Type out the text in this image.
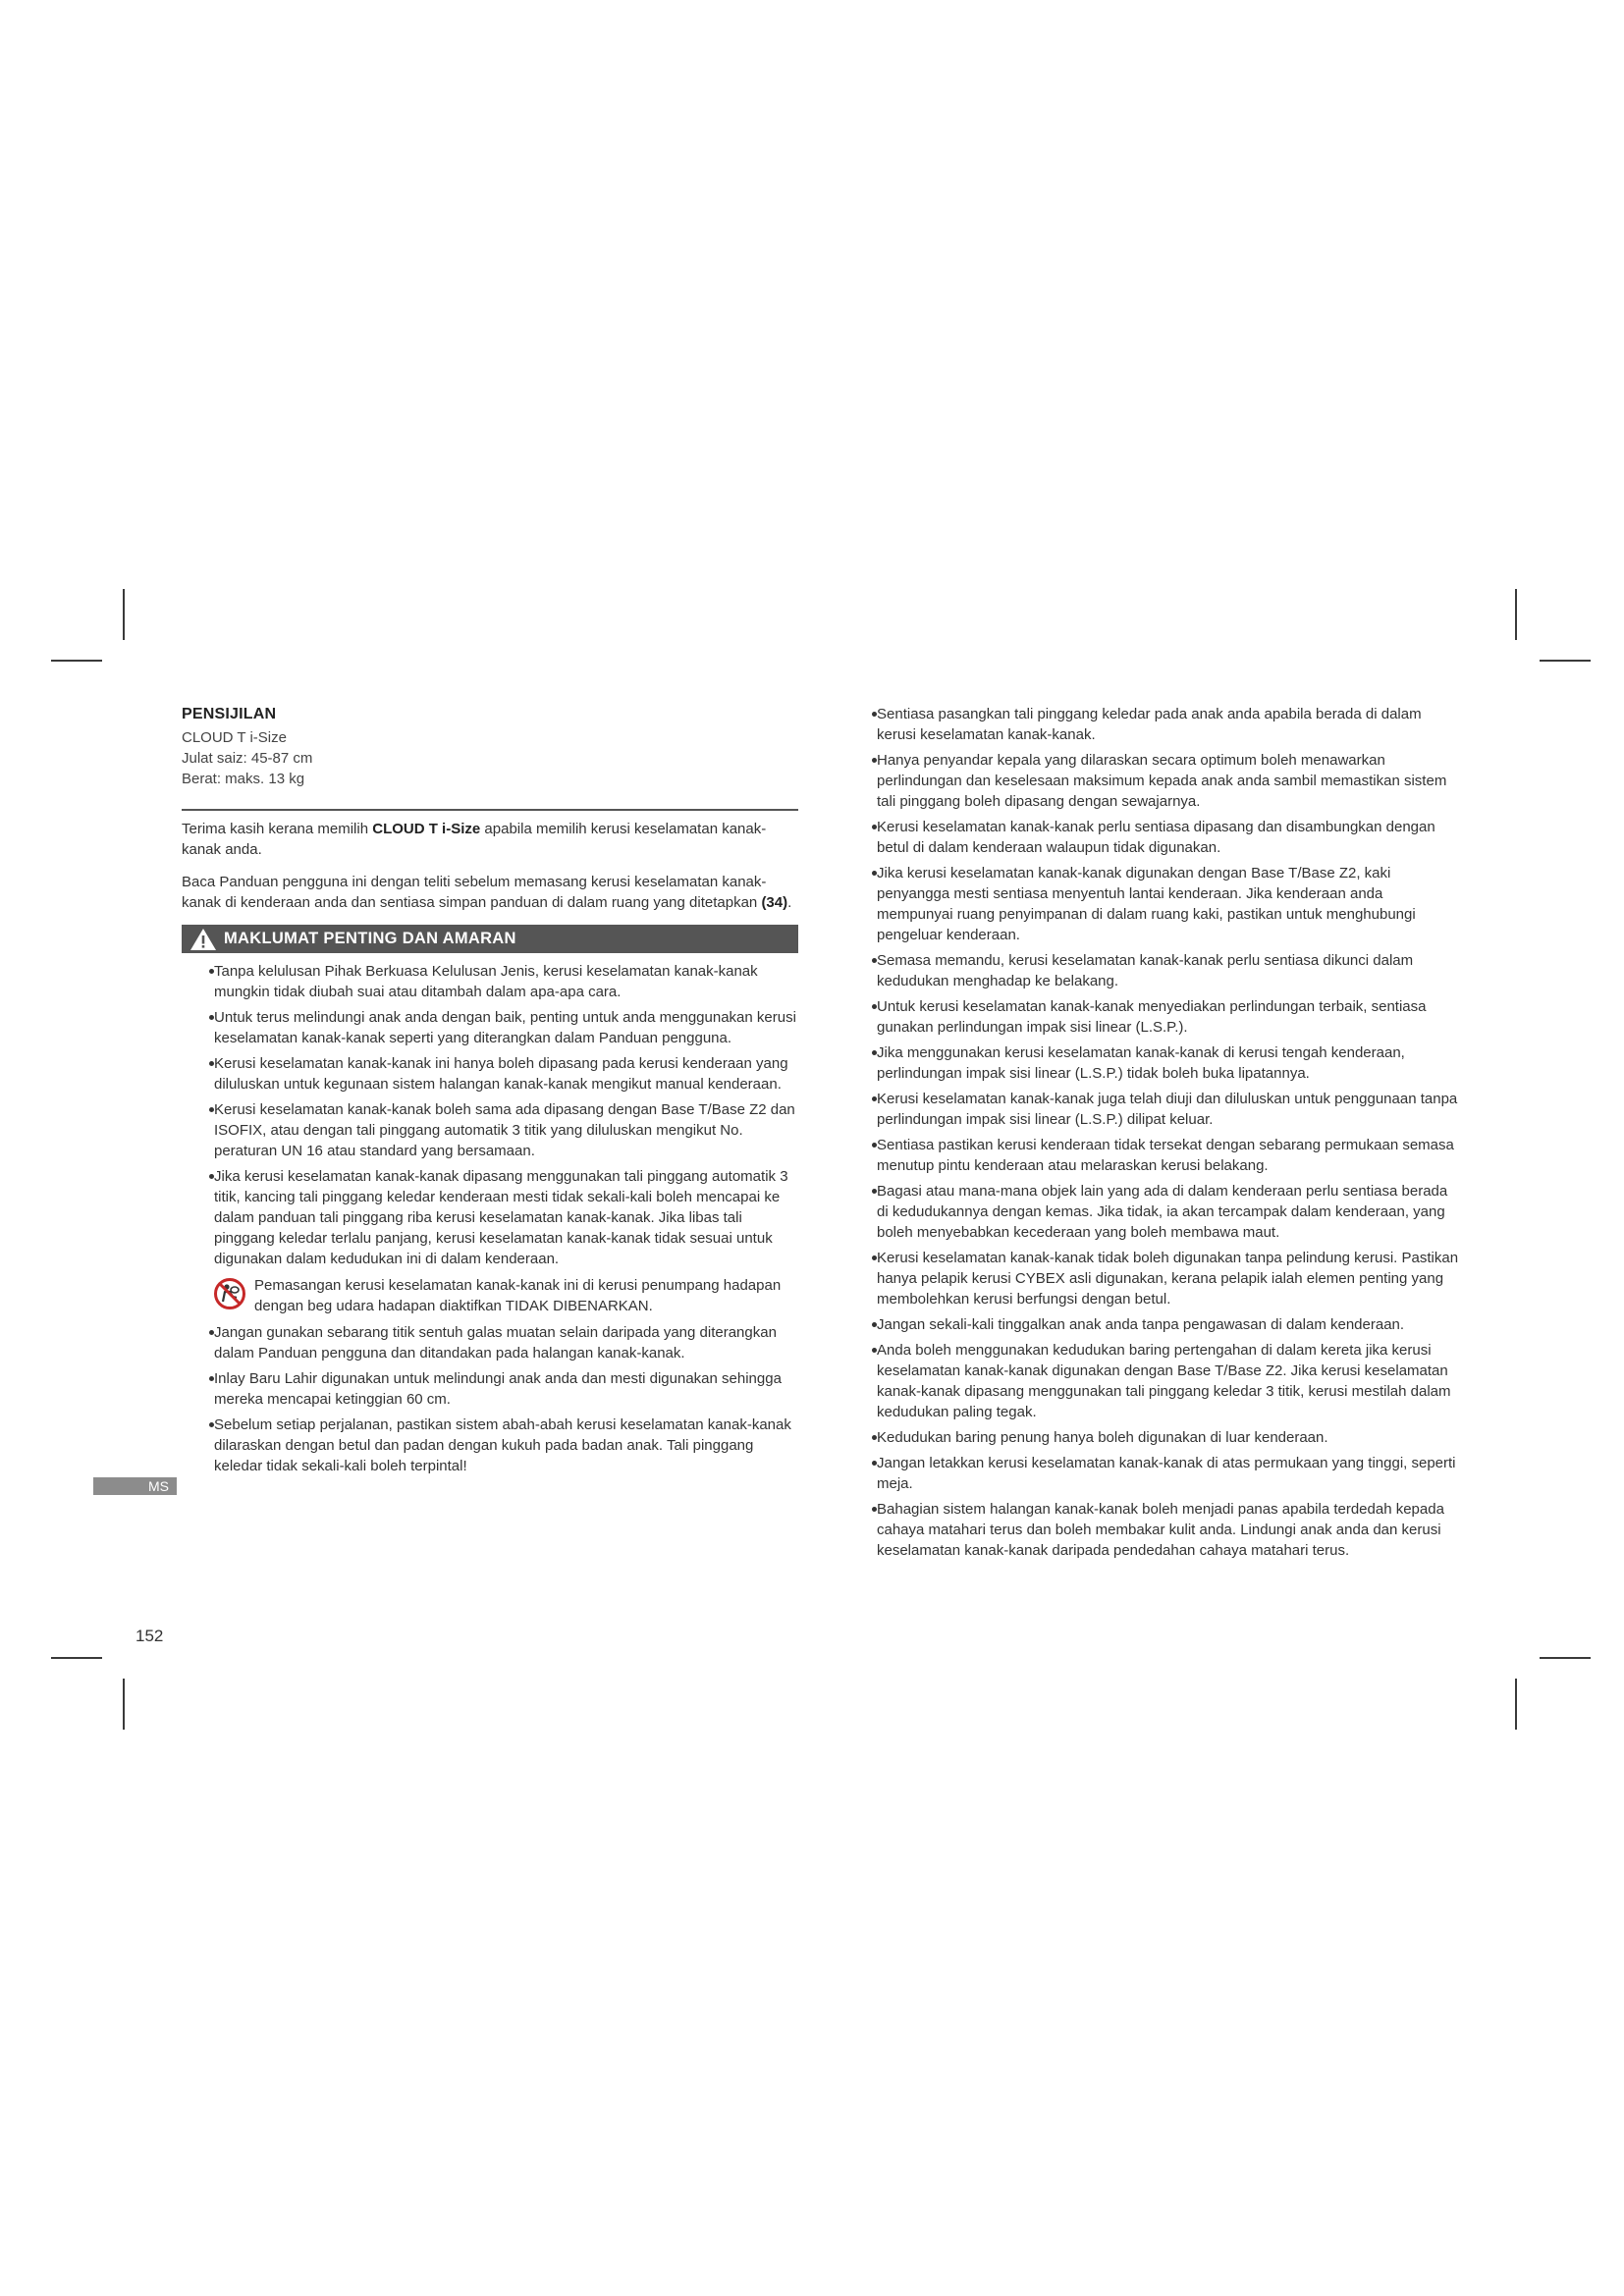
PENSIJILAN

CLOUD T i-Size

Julat saiz: 45-87 cm

Berat: maks. 13 kg

Terima kasih kerana memilih CLOUD T i-Size apabila memilih kerusi keselamatan kanak-kanak anda.

Baca Panduan pengguna ini dengan teliti sebelum memasang kerusi keselamatan kanak-kanak di kenderaan anda dan sentiasa simpan panduan di dalam ruang yang ditetapkan (34).

MAKLUMAT PENTING DAN AMARAN
Tanpa kelulusan Pihak Berkuasa Kelulusan Jenis, kerusi keselamatan kanak-kanak mungkin tidak diubah suai atau ditambah dalam apa-apa cara.
Untuk terus melindungi anak anda dengan baik, penting untuk anda menggunakan kerusi keselamatan kanak-kanak seperti yang diterangkan dalam Panduan pengguna.
Kerusi keselamatan kanak-kanak ini hanya boleh dipasang pada kerusi kenderaan yang diluluskan untuk kegunaan sistem halangan kanak-kanak mengikut manual kenderaan.
Kerusi keselamatan kanak-kanak boleh sama ada dipasang dengan Base T/Base Z2 dan ISOFIX, atau dengan tali pinggang automatik 3 titik yang diluluskan mengikut No. peraturan UN 16 atau standard yang bersamaan.
Jika kerusi keselamatan kanak-kanak dipasang menggunakan tali pinggang automatik 3 titik, kancing tali pinggang keledar kenderaan mesti tidak sekali-kali boleh mencapai ke dalam panduan tali pinggang riba kerusi keselamatan kanak-kanak. Jika libas tali pinggang keledar terlalu panjang, kerusi keselamatan kanak-kanak tidak sesuai untuk digunakan dalam kedudukan ini di dalam kenderaan.
Pemasangan kerusi keselamatan kanak-kanak ini di kerusi penumpang hadapan dengan beg udara hadapan diaktifkan TIDAK DIBENARKAN.
Jangan gunakan sebarang titik sentuh galas muatan selain daripada yang diterangkan dalam Panduan pengguna dan ditandakan pada halangan kanak-kanak.
Inlay Baru Lahir digunakan untuk melindungi anak anda dan mesti digunakan sehingga mereka mencapai ketinggian 60 cm.
Sebelum setiap perjalanan, pastikan sistem abah-abah kerusi keselamatan kanak-kanak dilaraskan dengan betul dan padan dengan kukuh pada badan anak. Tali pinggang keledar tidak sekali-kali boleh terpintal!
Sentiasa pasangkan tali pinggang keledar pada anak anda apabila berada di dalam kerusi keselamatan kanak-kanak.
Hanya penyandar kepala yang dilaraskan secara optimum boleh menawarkan perlindungan dan keselesaan maksimum kepada anak anda sambil memastikan sistem tali pinggang boleh dipasang dengan sewajarnya.
Kerusi keselamatan kanak-kanak perlu sentiasa dipasang dan disambungkan dengan betul di dalam kenderaan walaupun tidak digunakan.
Jika kerusi keselamatan kanak-kanak digunakan dengan Base T/Base Z2, kaki penyangga mesti sentiasa menyentuh lantai kenderaan. Jika kenderaan anda mempunyai ruang penyimpanan di dalam ruang kaki, pastikan untuk menghubungi pengeluar kenderaan.
Semasa memandu, kerusi keselamatan kanak-kanak perlu sentiasa dikunci dalam kedudukan menghadap ke belakang.
Untuk kerusi keselamatan kanak-kanak menyediakan perlindungan terbaik, sentiasa gunakan perlindungan impak sisi linear (L.S.P.).
Jika menggunakan kerusi keselamatan kanak-kanak di kerusi tengah kenderaan, perlindungan impak sisi linear (L.S.P.) tidak boleh buka lipatannya.
Kerusi keselamatan kanak-kanak juga telah diuji dan diluluskan untuk penggunaan tanpa perlindungan impak sisi linear (L.S.P.) dilipat keluar.
Sentiasa pastikan kerusi kenderaan tidak tersekat dengan sebarang permukaan semasa menutup pintu kenderaan atau melaraskan kerusi belakang.
Bagasi atau mana-mana objek lain yang ada di dalam kenderaan perlu sentiasa berada di kedudukannya dengan kemas. Jika tidak, ia akan tercampak dalam kenderaan, yang boleh menyebabkan kecederaan yang boleh membawa maut.
Kerusi keselamatan kanak-kanak tidak boleh digunakan tanpa pelindung kerusi. Pastikan hanya pelapik kerusi CYBEX asli digunakan, kerana pelapik ialah elemen penting yang membolehkan kerusi berfungsi dengan betul.
Jangan sekali-kali tinggalkan anak anda tanpa pengawasan di dalam kenderaan.
Anda boleh menggunakan kedudukan baring pertengahan di dalam kereta jika kerusi keselamatan kanak-kanak digunakan dengan Base T/Base Z2. Jika kerusi keselamatan kanak-kanak dipasang menggunakan tali pinggang keledar 3 titik, kerusi mestilah dalam kedudukan paling tegak.
Kedudukan baring penung hanya boleh digunakan di luar kenderaan.
Jangan letakkan kerusi keselamatan kanak-kanak di atas permukaan yang tinggi, seperti meja.
Bahagian sistem halangan kanak-kanak boleh menjadi panas apabila terdedah kepada cahaya matahari terus dan boleh membakar kulit anda. Lindungi anak anda dan kerusi keselamatan kanak-kanak daripada pendedahan cahaya matahari terus.
MS
152
